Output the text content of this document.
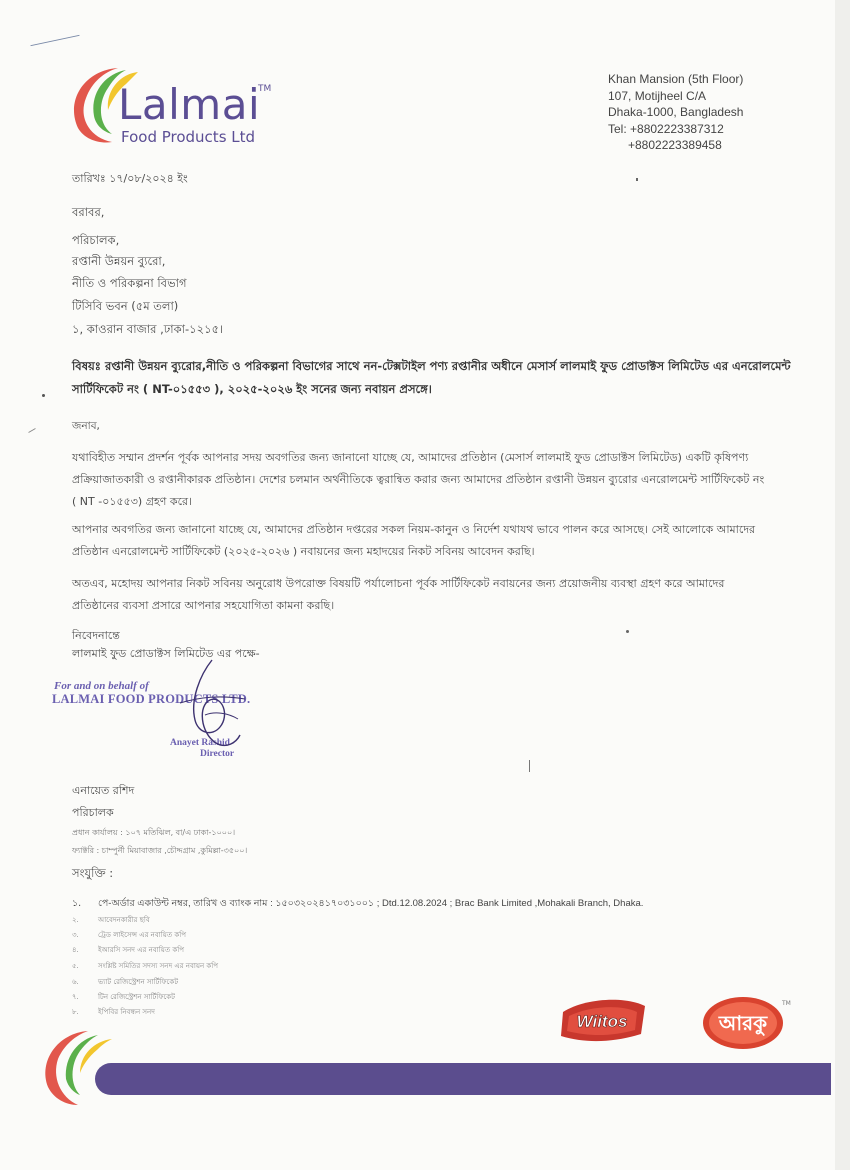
Lalmai
TM
Food Products Ltd
Khan Mansion (5th Floor)
107, Motijheel C/A
Dhaka-1000, Bangladesh
Tel: +8802223387312
+8802223389458
তারিখঃ ১৭/০৮/২০২৪ ইং
বরাবর,
পরিচালক,
রপ্তানী উন্নয়ন ব্যুরো,
নীতি ও পরিকল্পনা বিভাগ
টিসিবি ভবন (৫ম তলা)
১, কাওরান বাজার ,ঢাকা-১২১৫।
বিষয়ঃ রপ্তানী উন্নয়ন ব্যুরোর,নীতি ও পরিকল্পনা বিভাগের সাথে নন-টেক্সটাইল পণ্য রপ্তানীর অধীনে মেসার্স লালমাই ফুড প্রোডাক্টস লিমিটেড এর এনরোলমেন্ট
সার্টিফিকেট নং ( NT-০১৫৫৩ ), ২০২৫-২০২৬ ইং সনের জন্য নবায়ন প্রসঙ্গে।
জনাব,
যথাবিহীত সম্মান প্রদর্শন পূর্বক আপনার সদয় অবগতির জন্য জানানো যাচ্ছে যে, আমাদের প্রতিষ্ঠান (মেসার্স লালমাই ফুড প্রোডাক্টস লিমিটেড) একটি কৃষিপণ্য
প্রক্রিয়াজাতকারী ও রপ্তানীকারক প্রতিষ্ঠান। দেশের চলমান অর্থনীতিকে ত্বরান্বিত করার জন্য আমাদের প্রতিষ্ঠান রপ্তানী উন্নয়ন ব্যুরোর এনরোলমেন্ট সার্টিফিকেট নং
( NT -০১৫৫৩) গ্রহণ করে।
আপনার অবগতির জন্য জানানো যাচ্ছে যে, আমাদের প্রতিষ্ঠান দপ্তরের সকল নিয়ম-কানুন ও নির্দেশ যথাযথ ভাবে পালন করে আসছে। সেই আলোকে আমাদের
প্রতিষ্ঠান এনরোলমেন্ট সার্টিফিকেট (২০২৫-২০২৬ ) নবায়নের জন্য মহাদয়ের নিকট সবিনয় আবেদন করছি।
অতএব, মহোদয় আপনার নিকট সবিনয় অনুরোধ উপরোক্ত বিষয়টি পর্যালোচনা পূর্বক সার্টিফিকেট নবায়নের জন্য প্রয়োজনীয় ব্যবস্থা গ্রহণ করে আমাদের
প্রতিষ্ঠানের ব্যবসা প্রসারে আপনার সহযোগিতা কামনা করছি।
নিবেদনান্তে
লালমাই ফুড প্রোডাক্টস লিমিটেড এর পক্ষে-
For and on behalf of
LALMAI FOOD PRODUCTS LTD.
Anayet Rashid
Director
এনায়েত রশিদ
পরিচালক
প্রধান কার্যালয় : ১০৭ মতিঝিল, বা/এ ঢাকা-১০০০।
ফ্যাক্টরি : চাম্পুর্নী মিয়াবাজার ,চৌদ্দগ্রাম ,কুমিল্লা-৩৫০০।
সংযুক্তি :
১. পে-অর্ডার একাউন্ট নম্বর, তারিখ ও ব্যাংক নাম : ১৫০৩২০২৪১৭০৩১০০১ ; Dtd.12.08.2024 ; Brac Bank Limited ,Mohakali Branch, Dhaka.
২.	আবেদনকারীর ছবি
৩.	ট্রেড লাইসেন্স এর নবায়িত কপি
৪.	ইআরসি সনদ এর নবায়িত কপি
৫.	সংশ্লিষ্ট সমিতির সদস্য সনদ এর নবায়ন কপি
৬.	ভ্যাট রেজিস্ট্রেশন সার্টিফিকেট
৭.	টিন রেজিস্ট্রেশন সার্টিফিকেট
৮.	ইপিবির নিবন্ধন সনদ	Wiitos	আরকু
TM
